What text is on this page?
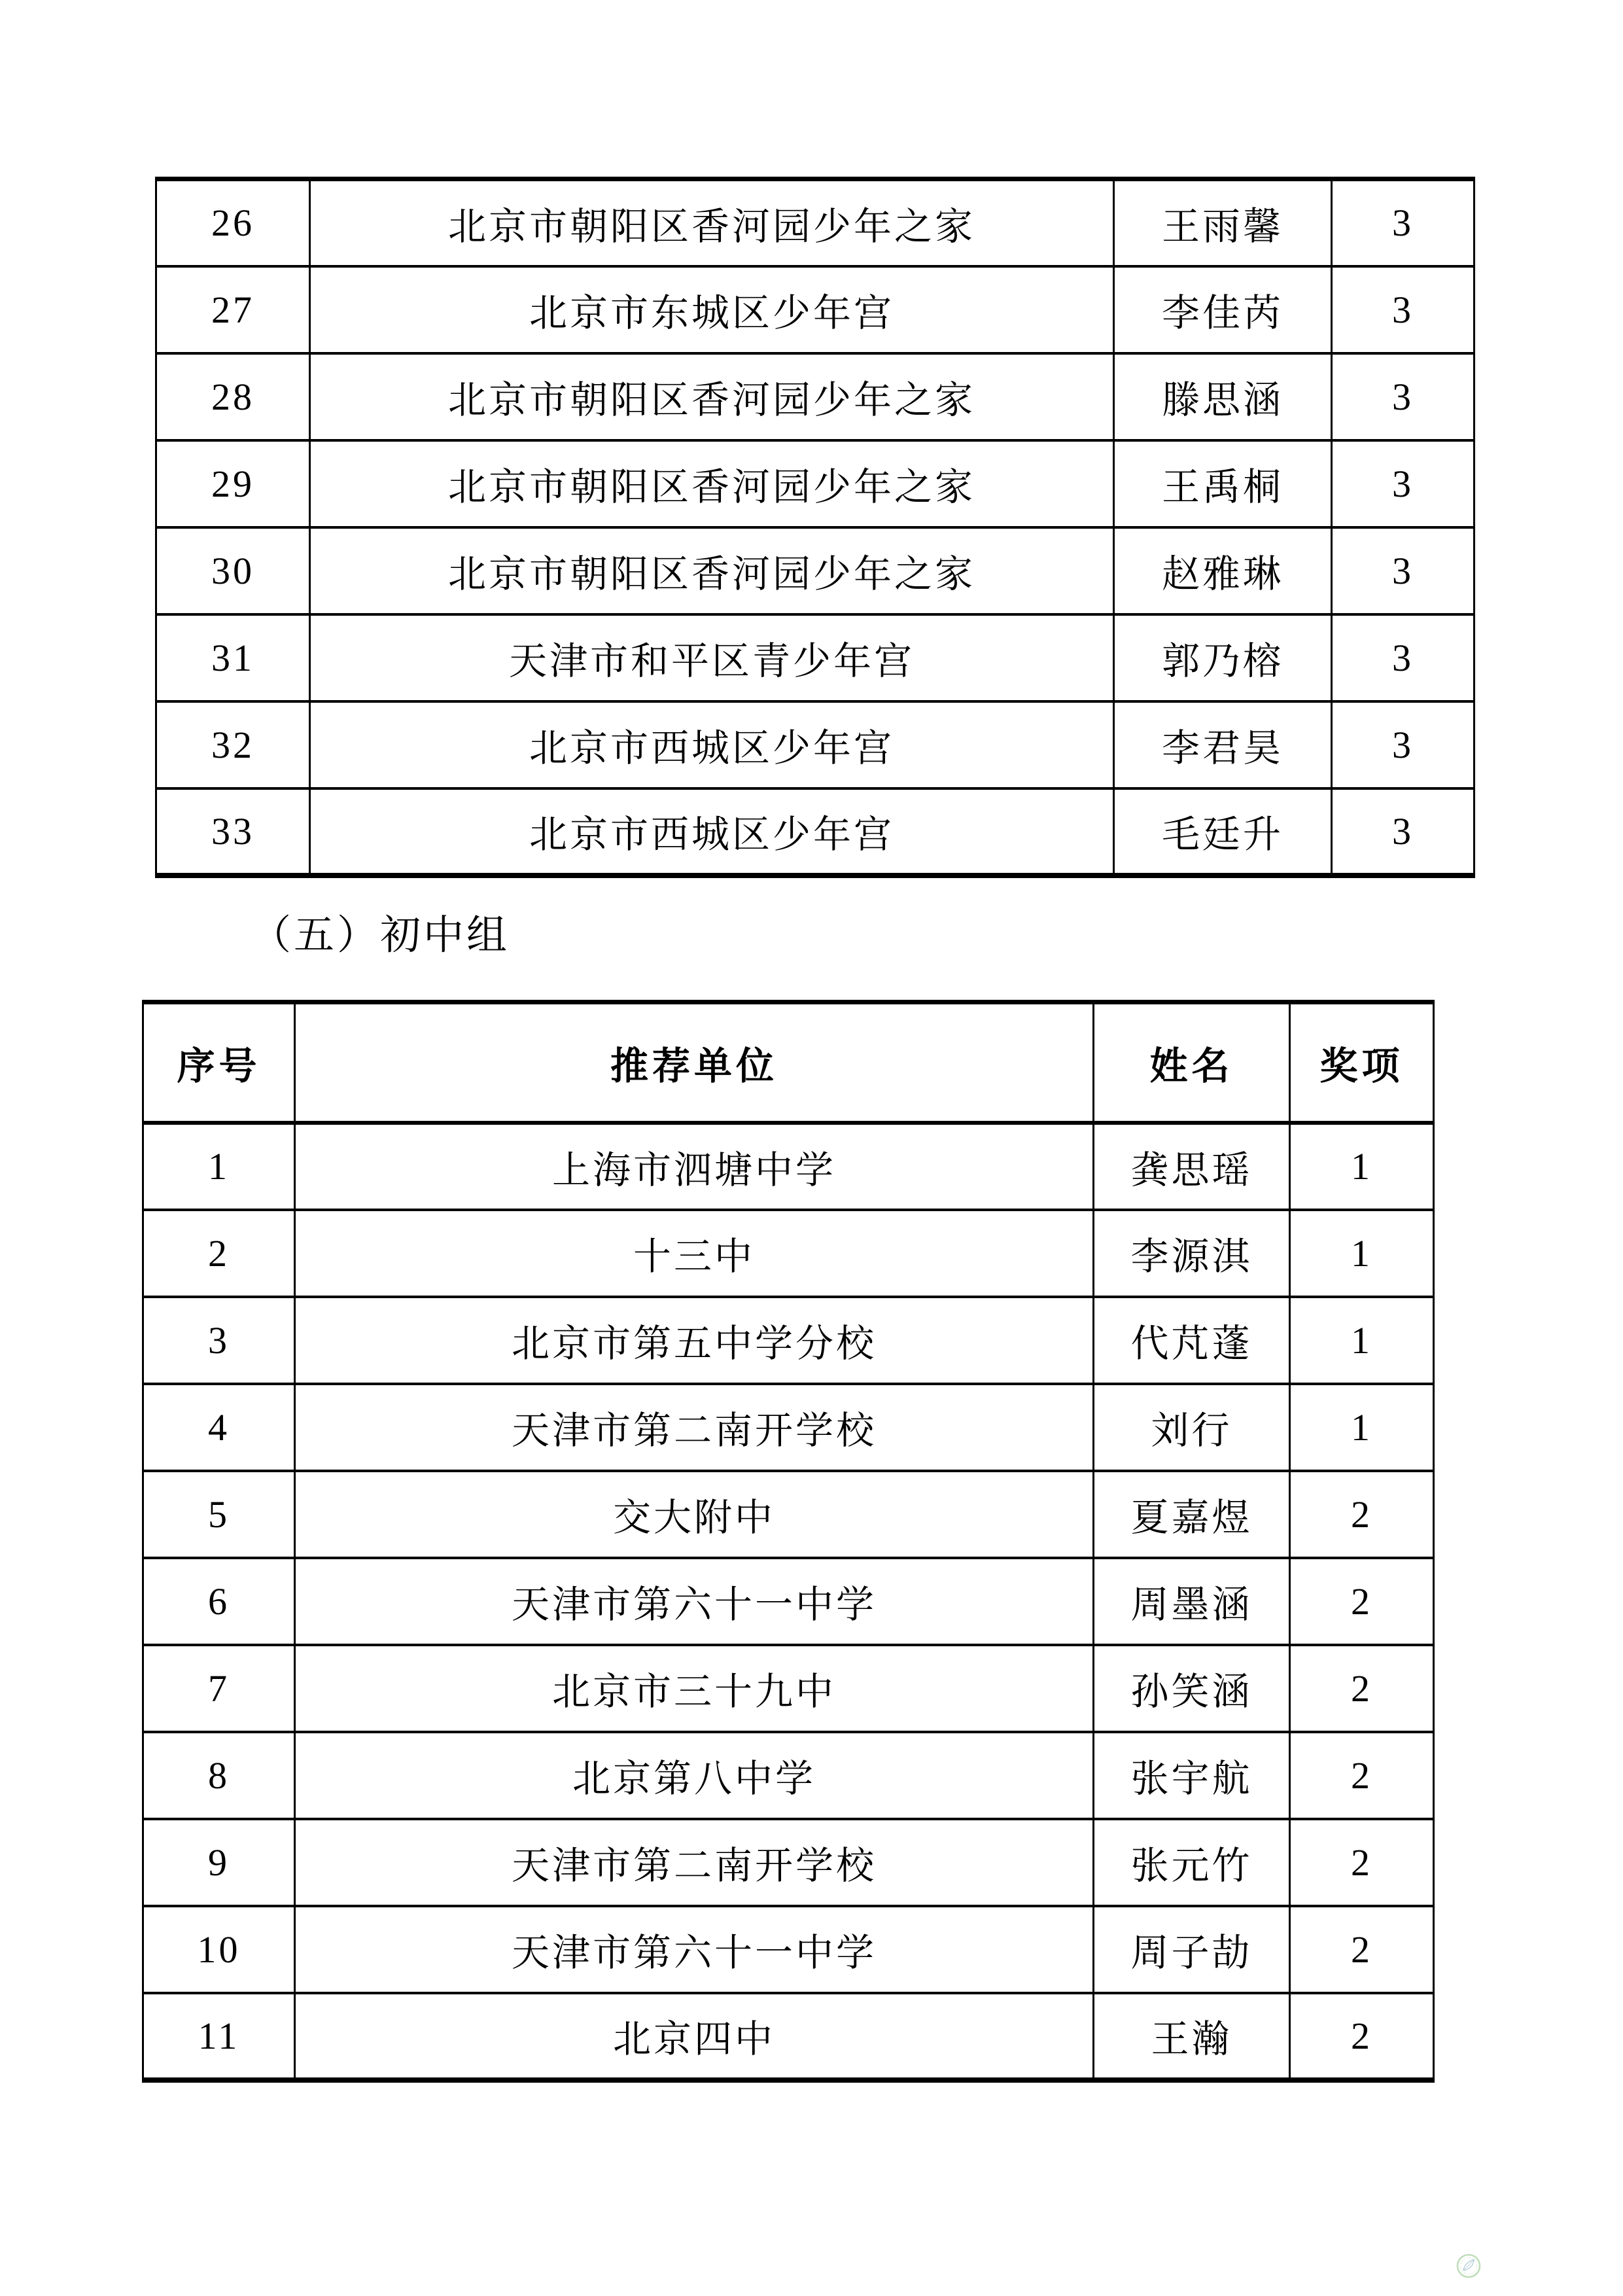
26	北京市朝阳区香河园少年之家	王雨馨	3
27	北京市东城区少年宫	李佳芮	3
28	北京市朝阳区香河园少年之家	滕思涵	3
29	北京市朝阳区香河园少年之家	王禹桐	3
30	北京市朝阳区香河园少年之家	赵雅琳	3
31	天津市和平区青少年宫	郭乃榕	3
32	北京市西城区少年宫	李君昊	3
33	北京市西城区少年宫	毛廷升	3
（五）初中组
序号	推荐单位	姓名	奖项
1	上海市泗塘中学	龚思瑶	1
2	十三中	李源淇	1
3	北京市第五中学分校	代芃蓬	1
4	天津市第二南开学校	刘行	1
5	交大附中	夏嘉煜	2
6	天津市第六十一中学	周墨涵	2
7	北京市三十九中	孙笑涵	2
8	北京第八中学	张宇航	2
9	天津市第二南开学校	张元竹	2
10	天津市第六十一中学	周子劼	2
11	北京四中	王瀚	2
